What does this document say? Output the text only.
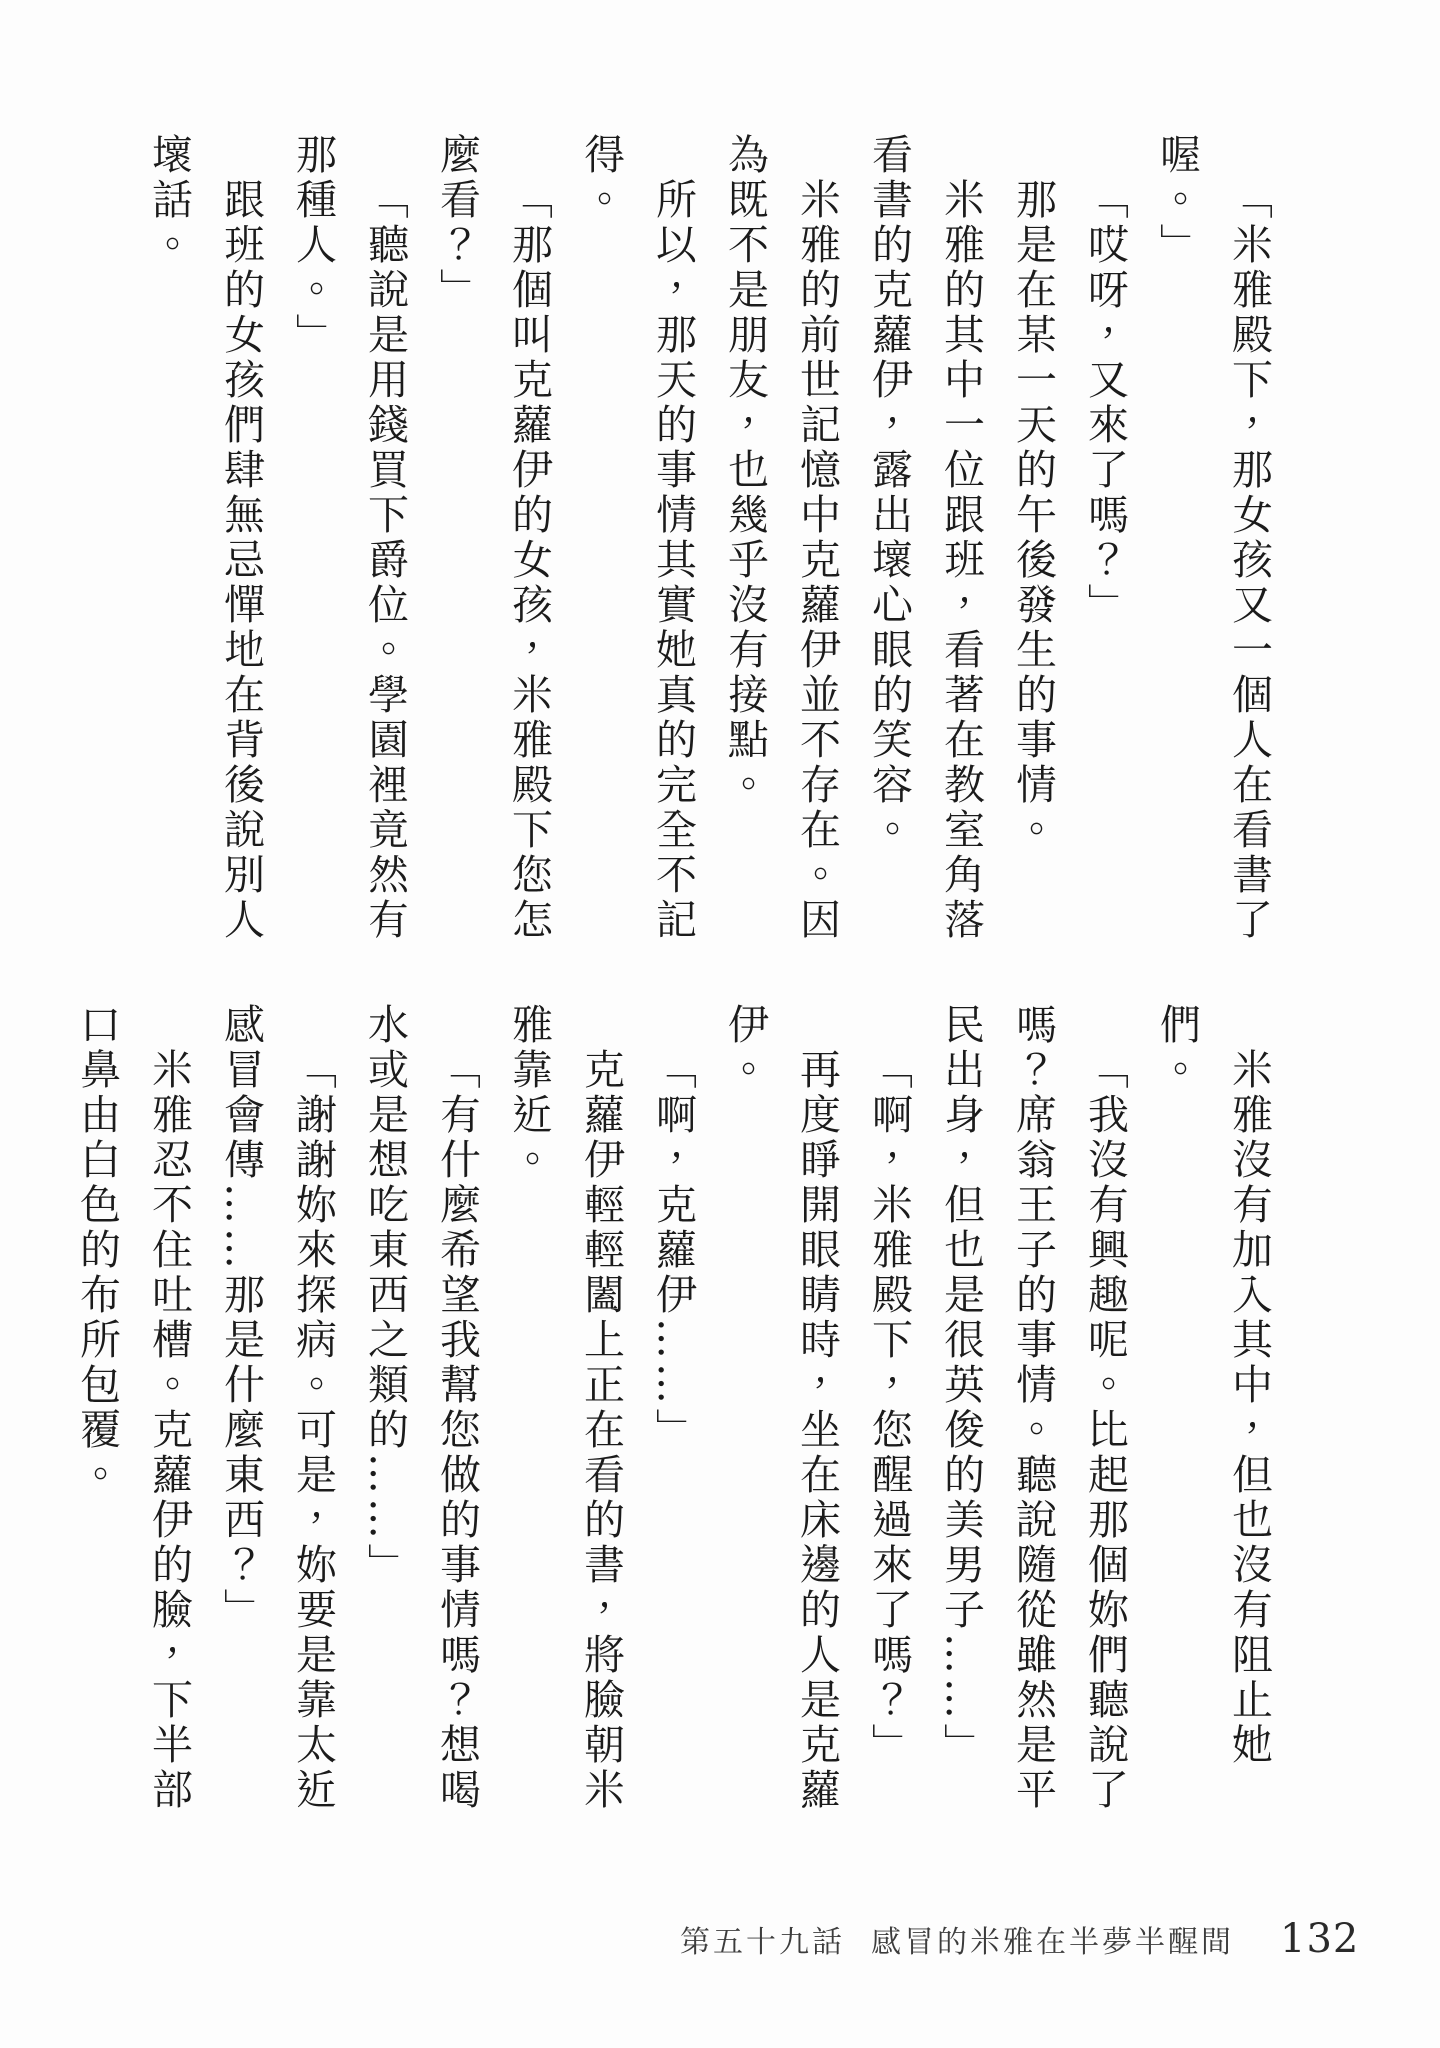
「米雅殿下，那女孩又一個人在看書了喔。」

「哎呀，又來了嗎？」

那是在某一天的午後發生的事情。

米雅的其中一位跟班，看著在教室角落看書的克蘿伊，露出壞心眼的笑容。

米雅的前世記憶中克蘿伊並不存在。因為既不是朋友，也幾乎沒有接點。

所以，那天的事情其實她真的完全不記得。

「那個叫克蘿伊的女孩，米雅殿下您怎麼看？」

「聽說是用錢買下爵位。學園裡竟然有那種人。」

跟班的女孩們肆無忌憚地在背後說別人壞話。

米雅沒有加入其中，但也沒有阻止她們。

「我沒有興趣呢。比起那個妳們聽說了嗎？席翁王子的事情。聽說隨從雖然是平民出身，但也是很英俊的美男子……」

「啊，米雅殿下，您醒過來了嗎？」

再度睜開眼睛時，坐在床邊的人是克蘿伊。

「啊，克蘿伊……」

克蘿伊輕輕闔上正在看的書，將臉朝米雅靠近。

「有什麼希望我幫您做的事情嗎？想喝水或是想吃東西之類的……」

「謝謝妳來探病。可是，妳要是靠太近感冒會傳……那是什麼東西？」

米雅忍不住吐槽。克蘿伊的臉，下半部口鼻由白色的布所包覆。

第五十九話 感冒的米雅在半夢半醒間 132
